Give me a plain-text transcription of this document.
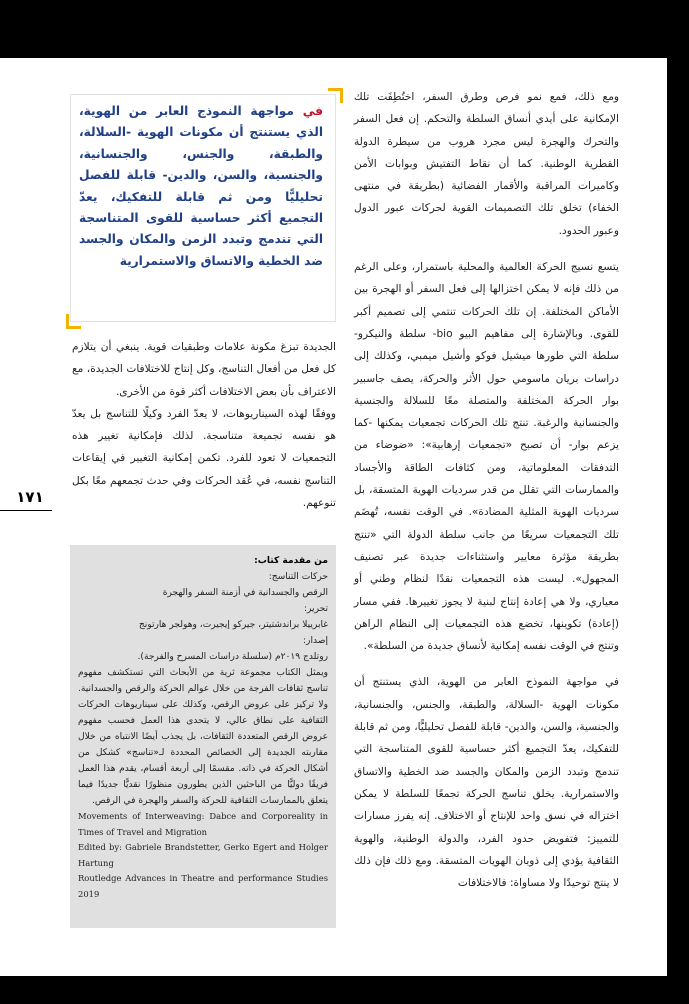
ومع ذلك، فمع نمو فرص وطرق السفر، اختُطِفَت تلك الإمكانية على أيدي أنساق السلطة والتحكم. إن فعل السفر والتحرك والهجرة ليس مجرد هروب من سيطرة الدولة القطرية الوطنية. كما أن نقاط التفتيش وبوابات الأمن وكاميرات المراقبة والأقمار الفضائية (بطريقة في منتهى الخفاء) تخلق تلك التصميمات القوية لحركات عبور الدول وعبور الحدود.

يتسع نسيج الحركة العالمية والمحلية باستمرار، وعلى الرغم من ذلك فإنه لا يمكن اختزالها إلى فعل السفر أو الهجرة بين الأماكن المختلفة. إن تلك الحركات تنتمي إلى تصميم أكبر للقوى. وبالإشارة إلى مفاهيم البيو bio- سلطة والنيكرو- سلطة التي طورها ميشيل فوكو وأشيل ميمبي، وكذلك إلى دراسات بريان ماسومي حول الأثر والحركة، يصف جاسبير بوار الحركة المختلفة والمتصلة معًا للسلالة والجنسية والجنسانية والرغبة. تنتج تلك الحركات تجمعيات يمكنها -كما يزعم بوار- أن تصبح «تجمعيات إرهابية»: «ضوضاء من التدفقات المعلوماتية، ومن كثافات الطاقة والأجساد والممارسات التي تقلل من قدر سرديات الهوية المتسقة، بل سرديات الهوية المثلية المضادة». في الوقت نفسه، تُهضَم تلك التجمعيات سريعًا من جانب سلطة الدولة التي «تنتج بطريقة مؤثرة معايير واستثناءات جديدة عبر تصنيف المجهول». ليست هذه التجمعيات نقدًا لنظام وطني أو معياري، ولا هي إعادة إنتاج لبنية لا يجوز تغييرها. ففي مسار (إعادة) تكوينها، تخضع هذه التجمعيات إلى النظام الراهن وتنتج في الوقت نفسه إمكانية لأنساق جديدة من السلطة».

في مواجهة النموذج العابر من الهوية، الذي يستنتج أن مكونات الهوية -السلالة، والطبقة، والجنس، والجنسانية، والجنسية، والسن، والدين- قابلة للفصل تحليليًّا، ومن ثم قابلة للتفكيك، يعدّ التجميع أكثر حساسية للقوى المتناسجة التي تندمج وتبدد الزمن والمكان والجسد ضد الخطية والاتساق والاستمرارية. يخلق تناسج الحركة تجمعًا للسلطة لا يمكن اختزاله في نسق واحد للإنتاج أو الاختلاف. إنه يفرز مسارات للتمييز: فتفويض حدود الفرد، والدولة الوطنية، والهوية الثقافية يؤدي إلى ذوبان الهويات المتسقة. ومع ذلك فإن ذلك لا ينتج توحيدًا ولا مساواة: فالاختلافات

في مواجهة النموذج العابر من الهوية، الذي يستنتج أن مكونات الهوية -السلالة، والطبقة، والجنس، والجنسانية، والجنسية، والسن، والدين- قابلة للفصل تحليليًّا ومن ثم قابلة للتفكيك، يعدّ التجميع أكثر حساسية للقوى المتناسجة التي تندمج وتبدد الزمن والمكان والجسد ضد الخطية والاتساق والاستمرارية

الجديدة تبزغ مكونة علامات وطبقيات قوية. ينبغي أن يتلازم كل فعل من أفعال التناسج، وكل إنتاج للاختلافات الجديدة، مع الاعتراف بأن بعض الاختلافات أكثر قوة من الأخرى.

ووفقًا لهذه السيناريوهات، لا يعدّ الفرد وكيلًا للتناسج بل يعدّ هو نفسه تجميعة متناسجة. لذلك فإمكانية تغيير هذه التجمعيات لا تعود للفرد. تكمن إمكانية التغيير في إيقاعات التناسج نفسه، في عُقد الحركات وفي حدث تجمعهم معًا بكل تنوعهم.

١٧١
من مقدمة كتاب:
حركات التناسج:
الرقص والجسدانية في أزمنة السفر والهجرة
تحرير:
غابرييلا براندشتيتر، جيركو إيجيرت، وهولجر هارتونج
إصدار:
روتلدج ٢٠١٩م (سلسلة دراسات المسرح والفرجة).
ويمثل الكتاب مجموعة ثرية من الأبحاث التي تستكشف مفهوم تناسج ثقافات الفرجة من خلال عوالم الحركة والرقص والجسدانية. ولا تركيز على عروض الرقص، وكذلك على سيناريوهات الحركات الثقافية على نطاق عالي، لا يتحدى هذا العمل فحسب مفهوم عروض الرقص المتعددة الثقافات، بل يجذب أيضًا الانتباه من خلال مقاربته الجديدة إلى الخصائص المحددة لـ«تناسج» كشكل من أشكال الحركة في ذاته. مقسمًا إلى أربعة أقسام، يقدم هذا العمل فريقًا دوليًّا من الباحثين الذين يطورون منظورًا نقديًّا جديدًا فيما يتعلق بالممارسات الثقافية للحركة والسفر والهجرة في الرقص.
Movements of Interweaving: Dabce and Corporeality in Times of Travel and Migration
Edited by: Gabriele Brandstetter, Gerko Egert and Holger Hartung
Routledge Advances in Theatre and performance Studies 2019
